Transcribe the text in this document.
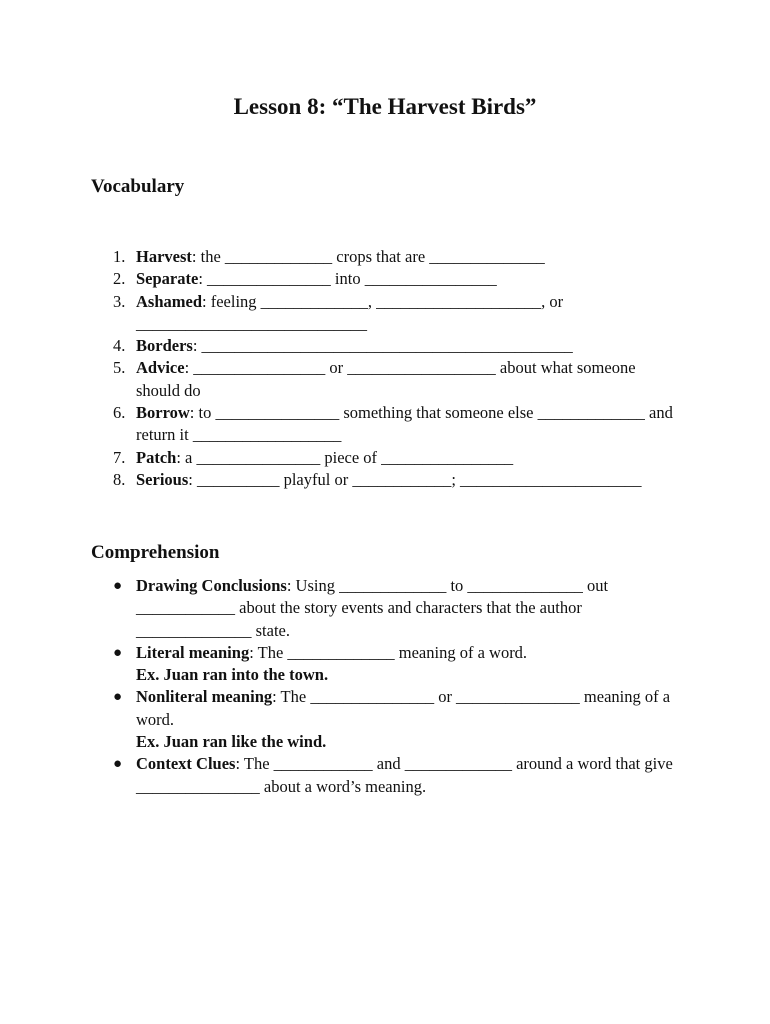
Lesson 8: “The Harvest Birds”
Vocabulary
1. Harvest: the _____________ crops that are ______________
2. Separate: _______________ into ________________
3. Ashamed: feeling _____________, ____________________, or ____________________________
4. Borders: _____________________________________________
5. Advice: ________________ or __________________ about what someone should do
6. Borrow: to _______________ something that someone else _____________ and return it __________________
7. Patch: a _______________ piece of ________________
8. Serious: __________ playful or ____________; ______________________
Comprehension
● Drawing Conclusions: Using _____________ to ______________ out ____________ about the story events and characters that the author ______________ state.
● Literal meaning: The _____________ meaning of a word.
Ex. Juan ran into the town.
● Nonliteral meaning: The _______________ or _______________ meaning of a word.
Ex. Juan ran like the wind.
● Context Clues: The ____________ and _____________ around a word that give _______________ about a word’s meaning.
